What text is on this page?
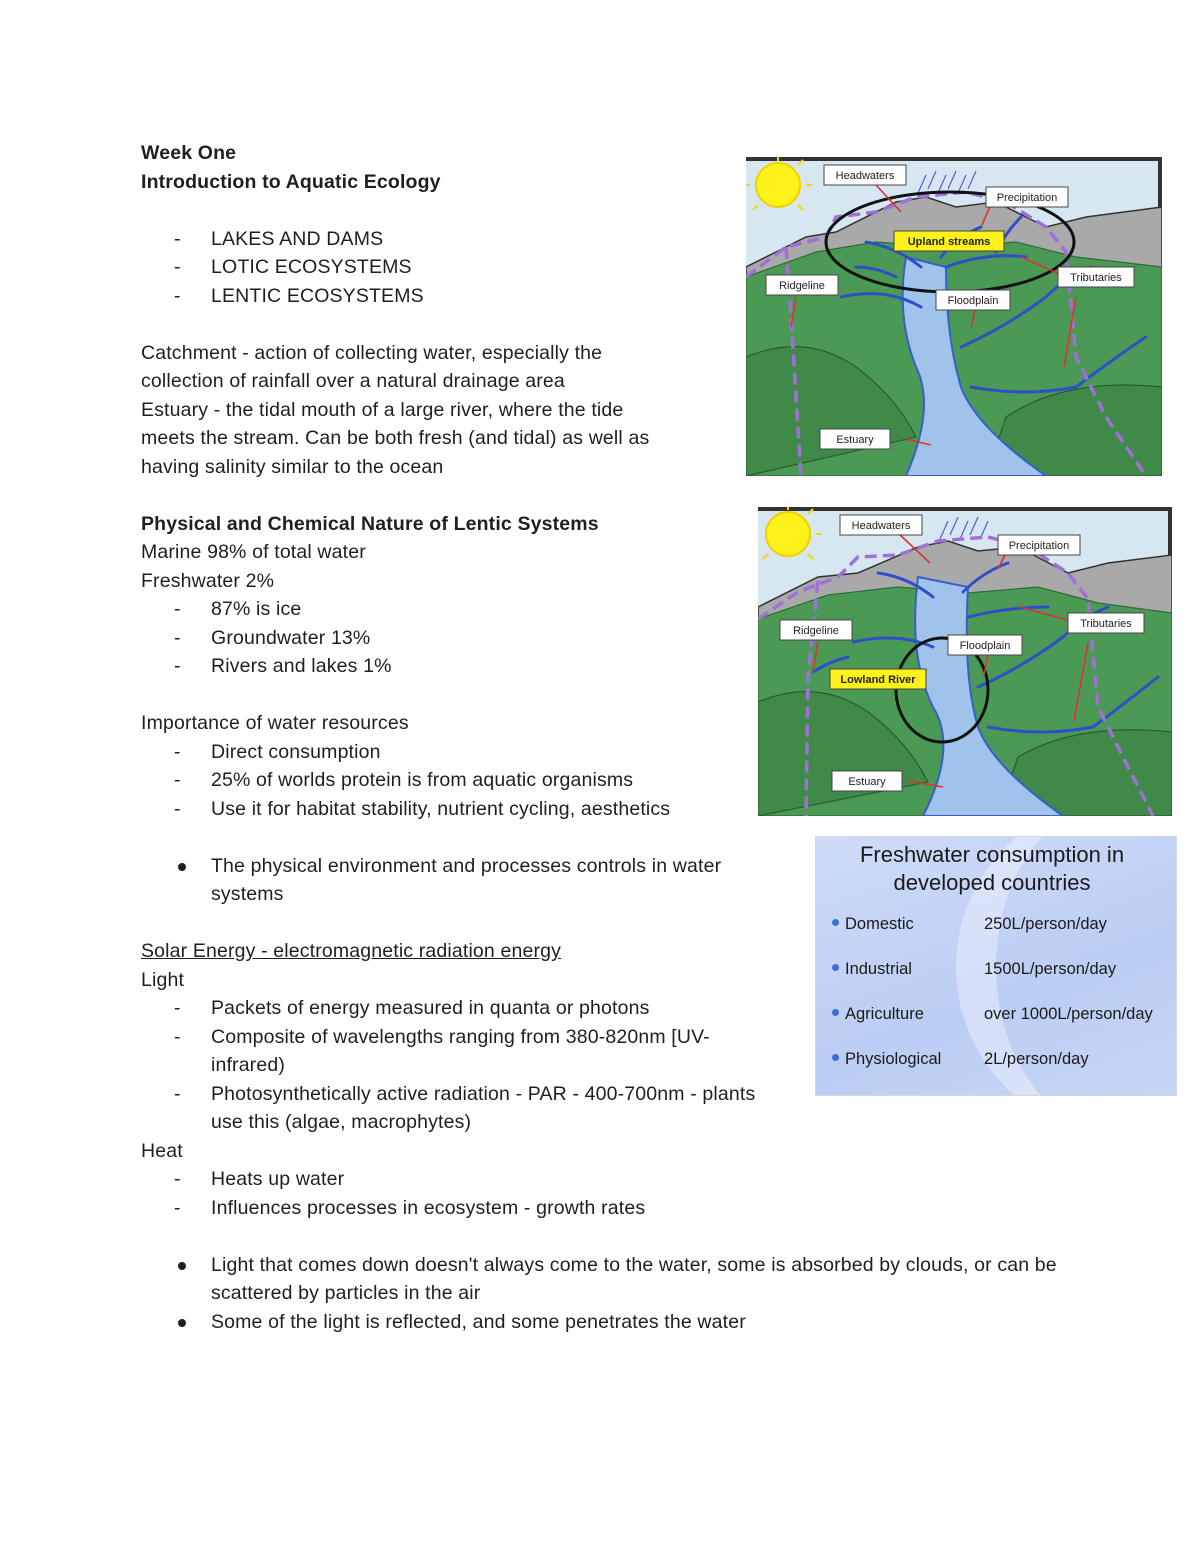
Week One
Introduction to Aquatic Ecology
- LAKES AND DAMS
- LOTIC ECOSYSTEMS
- LENTIC ECOSYSTEMS
Catchment - action of collecting water, especially the
collection of rainfall over a natural drainage area
Estuary - the tidal mouth of a large river, where the tide
meets the stream. Can be both fresh (and tidal) as well as
having salinity similar to the ocean
Physical and Chemical Nature of Lentic Systems
Marine 98% of total water
Freshwater 2%
- 87% is ice
- Groundwater 13%
- Rivers and lakes 1%
Importance of water resources
- Direct consumption
- 25% of worlds protein is from aquatic organisms
- Use it for habitat stability, nutrient cycling, aesthetics
The physical environment and processes controls in water systems
Solar Energy - electromagnetic radiation energy
Light
- Packets of energy measured in quanta or photons
- Composite of wavelengths ranging from 380-820nm [UV-infrared)
- Photosynthetically active radiation - PAR - 400-700nm - plants use this (algae, macrophytes)
Heat
- Heats up water
- Influences processes in ecosystem - growth rates
Light that comes down doesn't always come to the water, some is absorbed by clouds, or can be scattered by particles in the air
Some of the light is reflected, and some penetrates the water
Headwaters
Precipitation
Upland streams
Ridgeline
Floodplain
Tributaries
Estuary
Headwaters
Precipitation
Ridgeline
Floodplain
Tributaries
Lowland River
Estuary
Freshwater consumption in
developed countries
Domestic	250L/person/day
Industrial	1500L/person/day
Agriculture	over 1000L/person/day
Physiological	2L/person/day
